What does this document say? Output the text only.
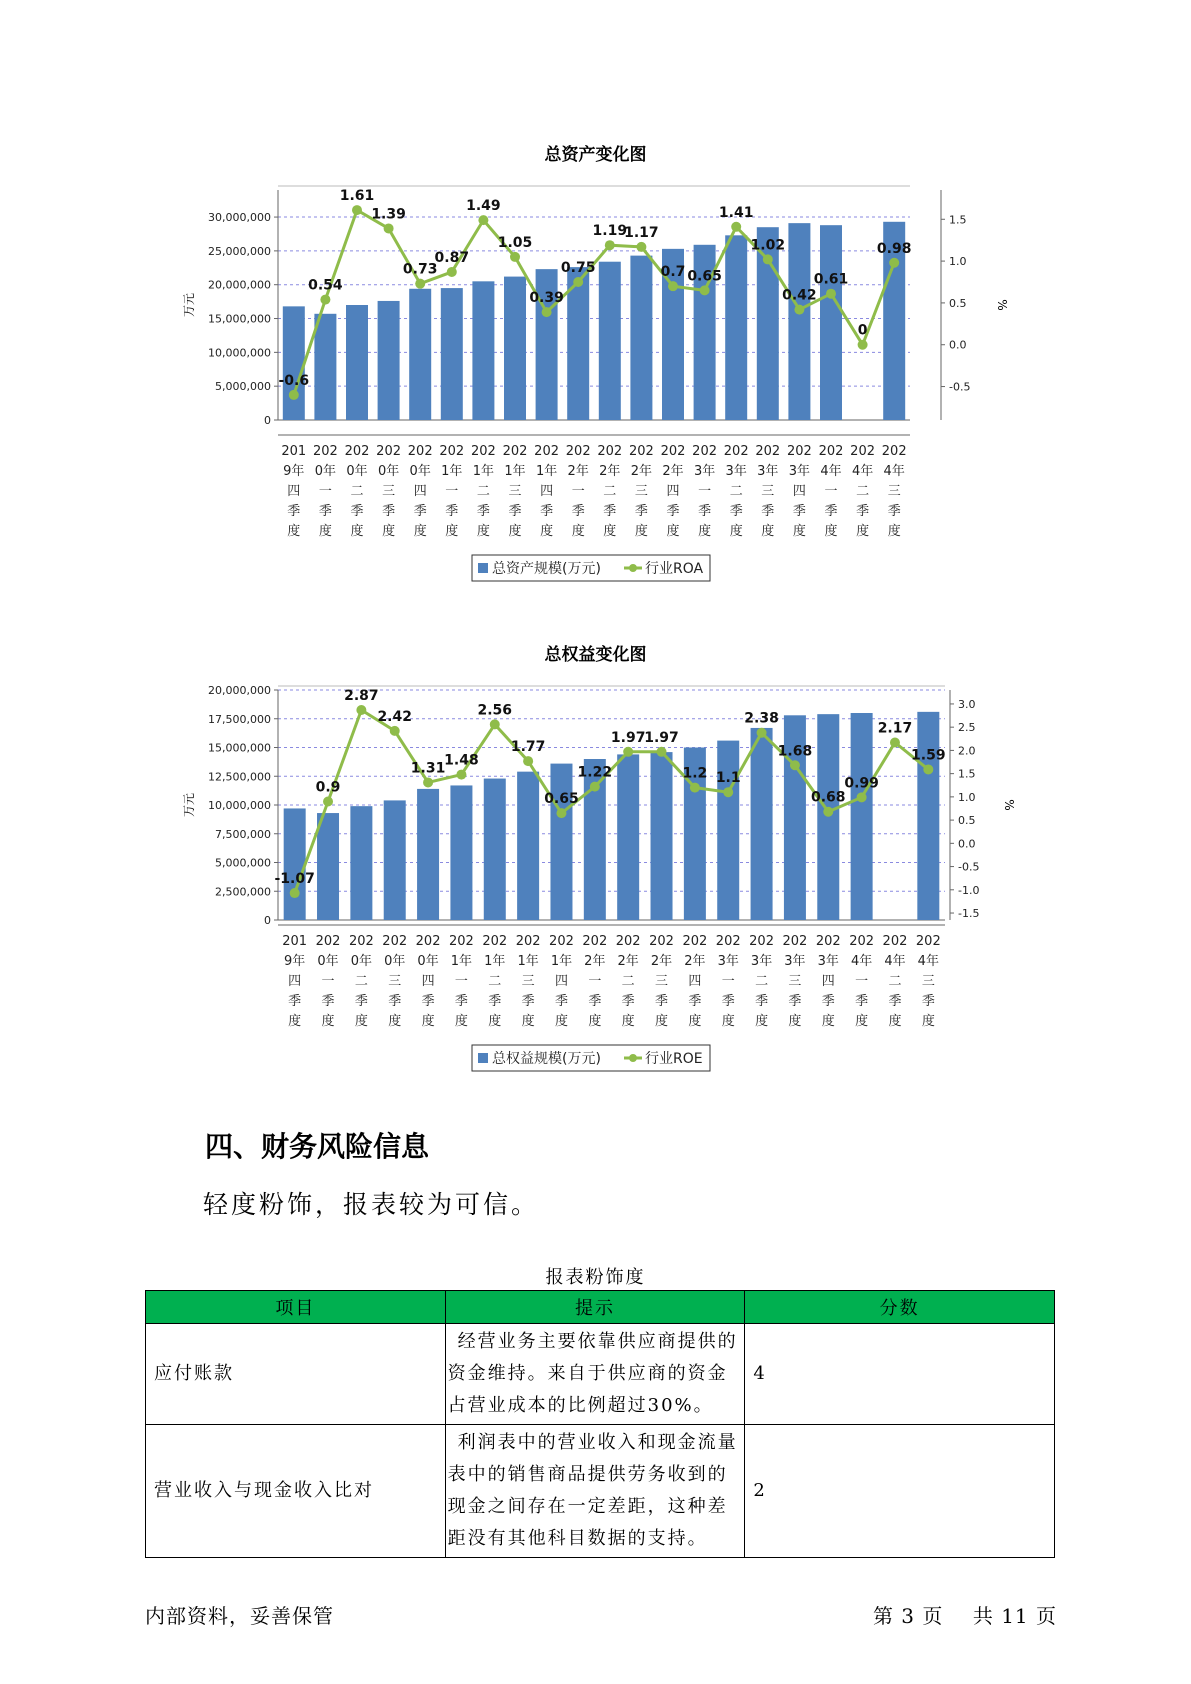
总资产变化图
0
5,000,000
10,000,000
15,000,000
20,000,000
25,000,000
30,000,000
-0.5
0.0
0.5
1.0
1.5
万元	%
-0.6
0.54
1.61
1.39
0.73
0.87
1.49
1.05
0.39
0.75
1.19
1.17
0.7 0.65
1.41
1.02
0.42
0.61
0
0.98
201
9年
四
季
度
202
0年
一
季
度
202
0年
二
季
度
202
0年
三
季
度
202
0年
四
季
度
202
1年
一
季
度
202
1年
二
季
度
202
1年
三
季
度
202
1年
四
季
度
202
2年
一
季
度
202
2年
二
季
度
202
2年
三
季
度
202
2年
四
季
度
202
3年
一
季
度
202
3年
二
季
度
202
3年
三
季
度
202
3年
四
季
度
202
4年
一
季
度
202
4年
二
季
度
202
4年
三
季
度
总资产规模(万元)	行业ROA
总权益变化图
0
2,500,000
5,000,000
7,500,000
10,000,000
12,500,000
15,000,000
17,500,000
20,000,000
-1.5
-1.0
-0.5
0.0
0.5
1.0
1.5
2.0
2.5
3.0
万元	%
-1.07
0.9
2.87
2.42
1.31
1.48
2.56
1.77
0.65
1.22
1.97
1.97
1.2 1.1
2.38
1.68
0.68
0.99
2.17
1.59
201
9年
四
季
度
202
0年
一
季
度
202
0年
二
季
度
202
0年
三
季
度
202
0年
四
季
度
202
1年
一
季
度
202
1年
二
季
度
202
1年
三
季
度
202
1年
四
季
度
202
2年
一
季
度
202
2年
二
季
度
202
2年
三
季
度
202
2年
四
季
度
202
3年
一
季
度
202
3年
二
季
度
202
3年
三
季
度
202
3年
四
季
度
202
4年
一
季
度
202
4年
二
季
度
202
4年
三
季
度
总权益规模(万元)	行业ROE
四、财务风险信息
轻度粉饰，报表较为可信。
报表粉饰度
项目	提示	分数
应付账款	经营业务主要依靠供应商提供的资金维持。来自于供应商的资金占营业成本的比例超过30%。	4
营业收入与现金收入比对	利润表中的营业收入和现金流量表中的销售商品提供劳务收到的现金之间存在一定差距，这种差距没有其他科目数据的支持。	2
内部资料，妥善保管	第 3 页 共 11 页
